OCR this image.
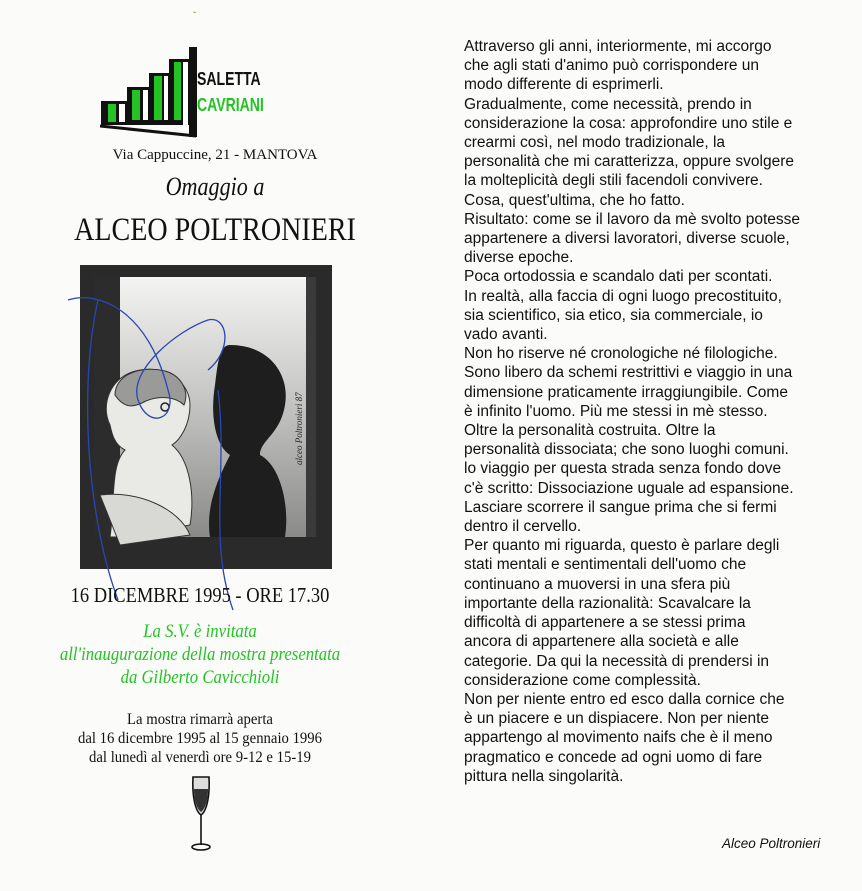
ˇ
SALETTA
CAVRIANI
Via Cappuccine, 21 - MANTOVA
Omaggio a
ALCEO POLTRONIERI
alceo Poltronieri 87
16 DICEMBRE 1995 - ORE 17.30
La S.V. è invitata
all'inaugurazione della mostra presentata
da Gilberto Cavicchioli
La mostra rimarrà aperta
dal 16 dicembre 1995 al 15 gennaio 1996
dal lunedì al venerdì ore 9-12 e 15-19

Attraverso gli anni, interiormente, mi accorgo

che agli stati d'animo può corrispondere un

modo differente di esprimerli.

Gradualmente, come necessità, prendo in

considerazione la cosa: approfondire uno stile e

crearmi così, nel modo tradizionale, la

personalità che mi caratterizza, oppure svolgere

la molteplicità degli stili facendoli convivere.

Cosa, quest'ultima, che ho fatto.

Risultato: come se il lavoro da mè svolto potesse

appartenere a diversi lavoratori, diverse scuole,

diverse epoche.

Poca ortodossia e scandalo dati per scontati.

In realtà, alla faccia di ogni luogo precostituito,

sia scientifico, sia etico, sia commerciale, io

vado avanti.

Non ho riserve né cronologiche né filologiche.

Sono libero da schemi restrittivi e viaggio in una

dimensione praticamente irraggiungibile. Come

è infinito l'uomo. Più me stessi in mè stesso.

Oltre la personalità costruita. Oltre la

personalità dissociata; che sono luoghi comuni.

lo viaggio per questa strada senza fondo dove

c'è scritto: Dissociazione uguale ad espansione.

Lasciare scorrere il sangue prima che si fermi

dentro il cervello.

Per quanto mi riguarda, questo è parlare degli

stati mentali e sentimentali dell'uomo che

continuano a muoversi in una sfera più

importante della razionalità: Scavalcare la

difficoltà di appartenere a se stessi prima

ancora di appartenere alla società e alle

categorie. Da qui la necessità di prendersi in

considerazione come complessità.

Non per niente entro ed esco dalla cornice che

è un piacere e un dispiacere. Non per niente

appartengo al movimento naifs che è il meno

pragmatico e concede ad ogni uomo di fare

pittura nella singolarità.

Alceo Poltronieri
